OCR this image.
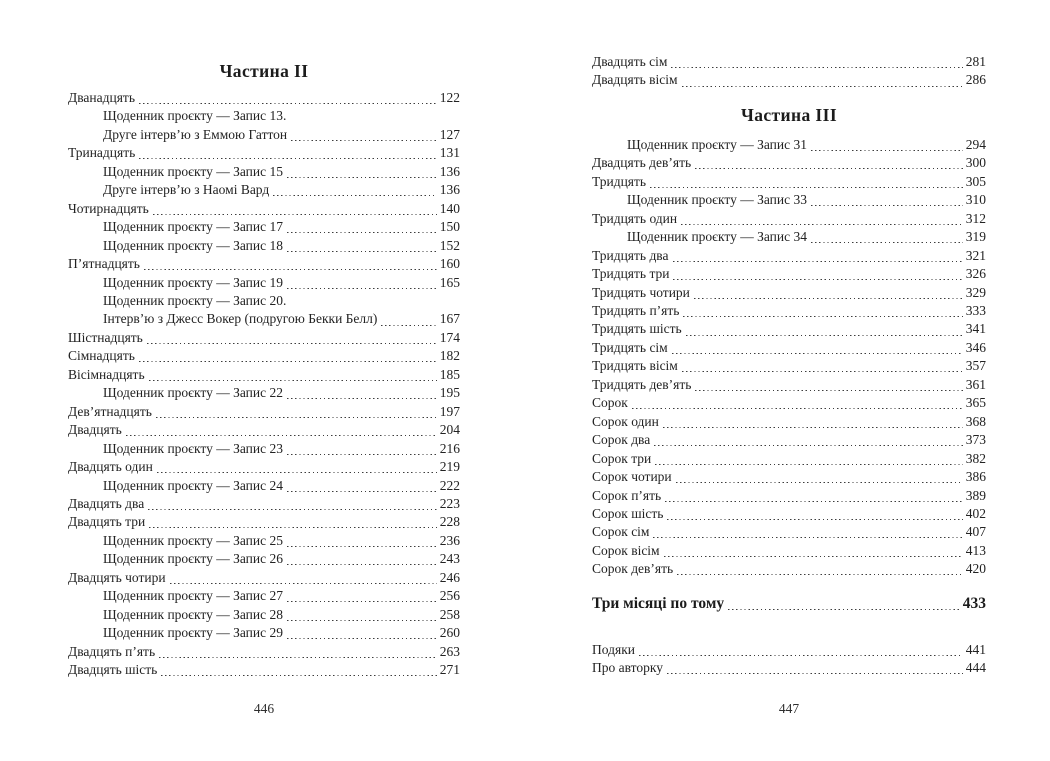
Частина II
Дванадцять	122
Щоденник проєкту — Запис 13.
Друге інтерв’ю з Еммою Гаттон	127
Тринадцять	131
Щоденник проєкту — Запис 15	136
Друге інтерв’ю з Наомі Вард	136
Чотирнадцять	140
Щоденник проєкту — Запис 17	150
Щоденник проєкту — Запис 18	152
П’ятнадцять	160
Щоденник проєкту — Запис 19	165
Щоденник проєкту — Запис 20.
Інтерв’ю з Джесс Вокер (подругою Бекки Белл)	167
Шістнадцять	174
Сімнадцять	182
Вісімнадцять	185
Щоденник проєкту — Запис 22	195
Дев’ятнадцять	197
Двадцять	204
Щоденник проєкту — Запис 23	216
Двадцять один	219
Щоденник проєкту — Запис 24	222
Двадцять два	223
Двадцять три	228
Щоденник проєкту — Запис 25	236
Щоденник проєкту — Запис 26	243
Двадцять чотири	246
Щоденник проєкту — Запис 27	256
Щоденник проєкту — Запис 28	258
Щоденник проєкту — Запис 29	260
Двадцять п’ять	263
Двадцять шість	271
446
Двадцять сім	281
Двадцять вісім	286
Частина III
Щоденник проєкту — Запис 31	294
Двадцять дев’ять	300
Тридцять	305
Щоденник проєкту — Запис 33	310
Тридцять один	312
Щоденник проєкту — Запис 34	319
Тридцять два	321
Тридцять три	326
Тридцять чотири	329
Тридцять п’ять	333
Тридцять шість	341
Тридцять сім	346
Тридцять вісім	357
Тридцять дев’ять	361
Сорок	365
Сорок один	368
Сорок два	373
Сорок три	382
Сорок чотири	386
Сорок п’ять	389
Сорок шість	402
Сорок сім	407
Сорок вісім	413
Сорок дев’ять	420
Три місяці по тому	433
Подяки	441
Про авторку	444
447
